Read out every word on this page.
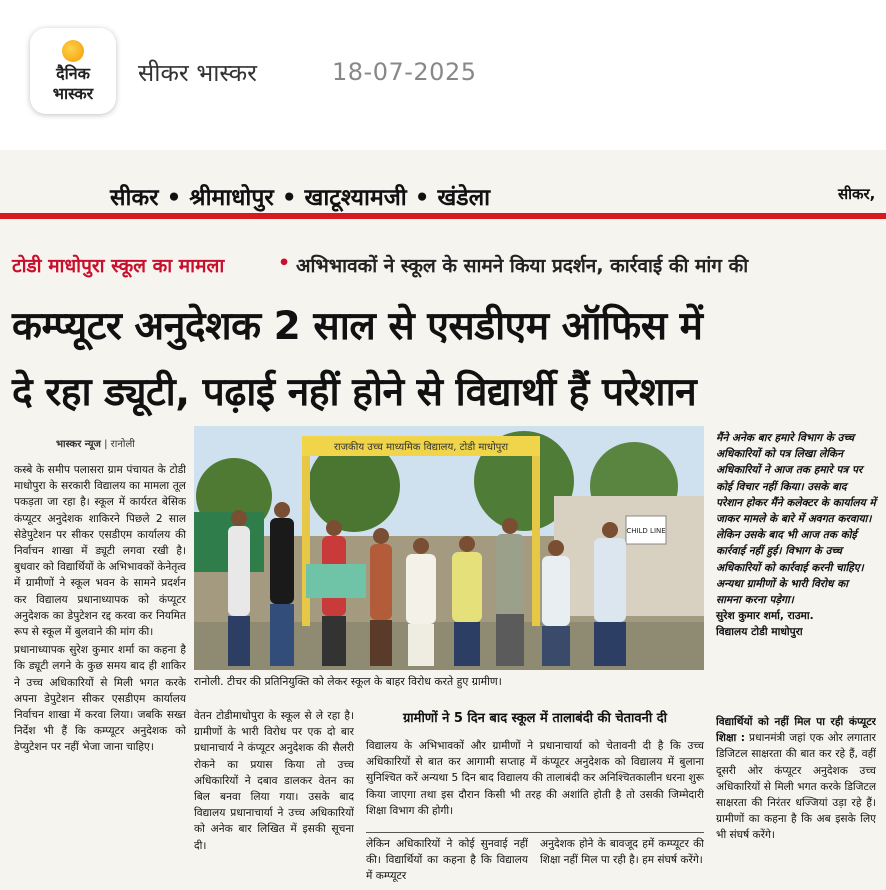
दैनिक
भास्कर
सीकर भास्कर	18-07-2025
सीकर • श्रीमाधोपुर • खाटूश्यामजी • खंडेला	सीकर,
टोडी माधोपुरा स्कूल का मामला	• अभिभावकों ने स्कूल के सामने किया प्रदर्शन, कार्रवाई की मांग की
कम्प्यूटर अनुदेशक 2 साल से एसडीएम ऑफिस में
दे रहा ड्यूटी, पढ़ाई नहीं होने से विद्यार्थी हैं परेशान
भास्कर न्यूज | रानोली

कस्बे के समीप पलासरा ग्राम पंचायत के टोडी माधोपुरा के सरकारी विद्यालय का मामला तूल पकड़ता जा रहा है। स्कूल में कार्यरत बेसिक कंप्यूटर अनुदेशक शाकिरने पिछले 2 साल सेडेपुटेशन पर सीकर एसडीएम कार्यालय की निर्वाचन शाखा में ड्यूटी लगवा रखी है। बुधवार को विद्यार्थियों के अभिभावकों केनेतृत्व में ग्रामीणों ने स्कूल भवन के सामने प्रदर्शन कर विद्यालय प्रधानाध्यापक को कंप्यूटर अनुदेशक का डेपुटेशन रद्द करवा कर नियमित रूप से स्कूल में बुलवाने की मांग की।

प्रधानाध्यापक सुरेश कुमार शर्मा का कहना है कि ड्यूटी लगने के कुछ समय बाद ही शाकिर ने उच्च अधिकारियों से मिली भगत करके अपना डेपुटेशन सीकर एसडीएम कार्यालय निर्वाचन शाखा में करवा लिया। जबकि सख्त निर्देश भी हैं कि कम्प्यूटर अनुदेशक को डेप्युटेशन पर नहीं भेजा जाना चाहिए।

राजकीय उच्च माध्यमिक विद्यालय, टोडी माधोपुरा
CHILD LINE
रानोली. टीचर की प्रतिनियुक्ति को लेकर स्कूल के बाहर विरोध करते हुए ग्रामीण।
मैंने अनेक बार हमारे विभाग के उच्च अधिकारियों को पत्र लिखा लेकिन अधिकारियों ने आज तक हमारे पत्र पर कोई विचार नहीं किया। उसके बाद परेशान होकर मैंने कलेक्टर के कार्यालय में जाकर मामले के बारे में अवगत करवाया। लेकिन उसके बाद भी आज तक कोई कार्रवाई नहीं हुई। विभाग के उच्च अधिकारियों को कार्रवाई करनी चाहिए। अन्यथा ग्रामीणों के भारी विरोध का सामना करना पड़ेगा।
सुरेश कुमार शर्मा, राउमा.
विद्यालय टोडी माधोपुरा

वेतन टोडीमाधोपुरा के स्कूल से ले रहा है। ग्रामीणों के भारी विरोध पर एक दो बार प्रधानाचार्य ने कंप्यूटर अनुदेशक की सैलरी रोकने का प्रयास किया तो उच्च अधिकारियों ने दबाव डालकर वेतन का बिल बनवा लिया गया। उसके बाद विद्यालय प्रधानाचार्या ने उच्च अधिकारियों को अनेक बार लिखित में इसकी सूचना दी।

ग्रामीणों ने 5 दिन बाद स्कूल में तालाबंदी की चेतावनी दी

विद्यालय के अभिभावकों और ग्रामीणों ने प्रधानाचार्या को चेतावनी दी है कि उच्च अधिकारियों से बात कर आगामी सप्ताह में कंप्यूटर अनुदेशक को विद्यालय में बुलाना सुनिश्चित करें अन्यथा 5 दिन बाद विद्यालय की तालाबंदी कर अनिश्चितकालीन धरना शुरू किया जाएगा तथा इस दौरान किसी भी तरह की अशांति होती है तो उसकी जिम्मेदारी शिक्षा विभाग की होगी।

लेकिन अधिकारियों ने कोई सुनवाई नहीं की। विद्यार्थियों का कहना है कि विद्यालय में कम्प्यूटर

अनुदेशक होने के बावजूद हमें कम्प्यूटर की शिक्षा नहीं मिल पा रही है। हम संघर्ष करेंगे।

विद्यार्थियों को नहीं मिल पा रही कंप्यूटर शिक्षा : प्रधानमंत्री जहां एक ओर लगातार डिजिटल साक्षरता की बात कर रहे हैं, वहीं दूसरी ओर कंप्यूटर अनुदेशक उच्च अधिकारियों से मिली भगत करके डिजिटल साक्षरता की निरंतर धज्जियां उड़ा रहे हैं। ग्रामीणों का कहना है कि अब इसके लिए भी संघर्ष करेंगे।
